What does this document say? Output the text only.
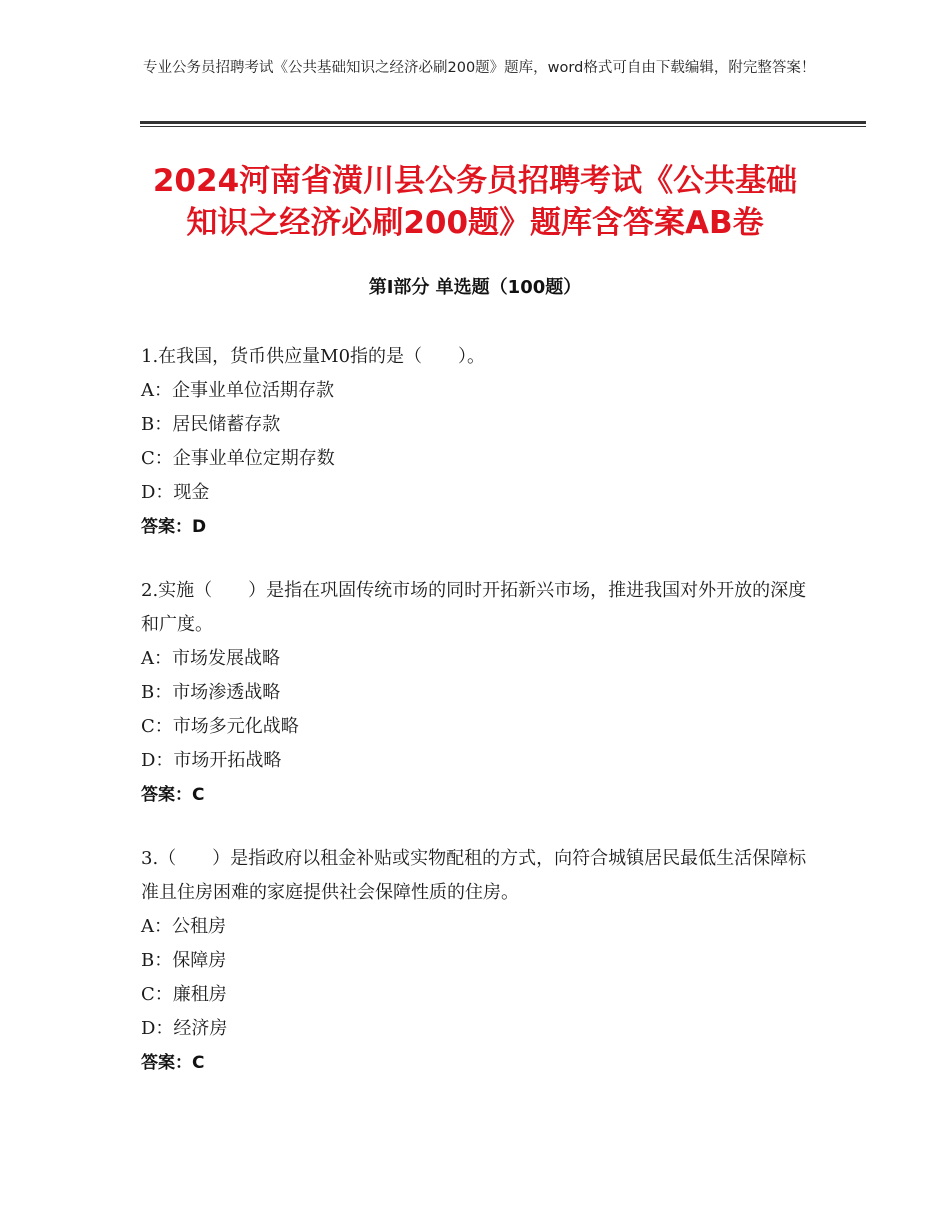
专业公务员招聘考试《公共基础知识之经济必刷200题》题库，word格式可自由下载编辑，附完整答案！
2024河南省潢川县公务员招聘考试《公共基础知识之经济必刷200题》题库含答案AB卷
第Ⅰ部分 单选题（100题）
1.在我国，货币供应量M0指的是（　　）。
A：企事业单位活期存款
B：居民储蓄存款
C：企事业单位定期存数
D：现金
答案：D
2.实施（　　）是指在巩固传统市场的同时开拓新兴市场，推进我国对外开放的深度和广度。
A：市场发展战略
B：市场渗透战略
C：市场多元化战略
D：市场开拓战略
答案：C
3.（　　）是指政府以租金补贴或实物配租的方式，向符合城镇居民最低生活保障标准且住房困难的家庭提供社会保障性质的住房。
A：公租房
B：保障房
C：廉租房
D：经济房
答案：C
